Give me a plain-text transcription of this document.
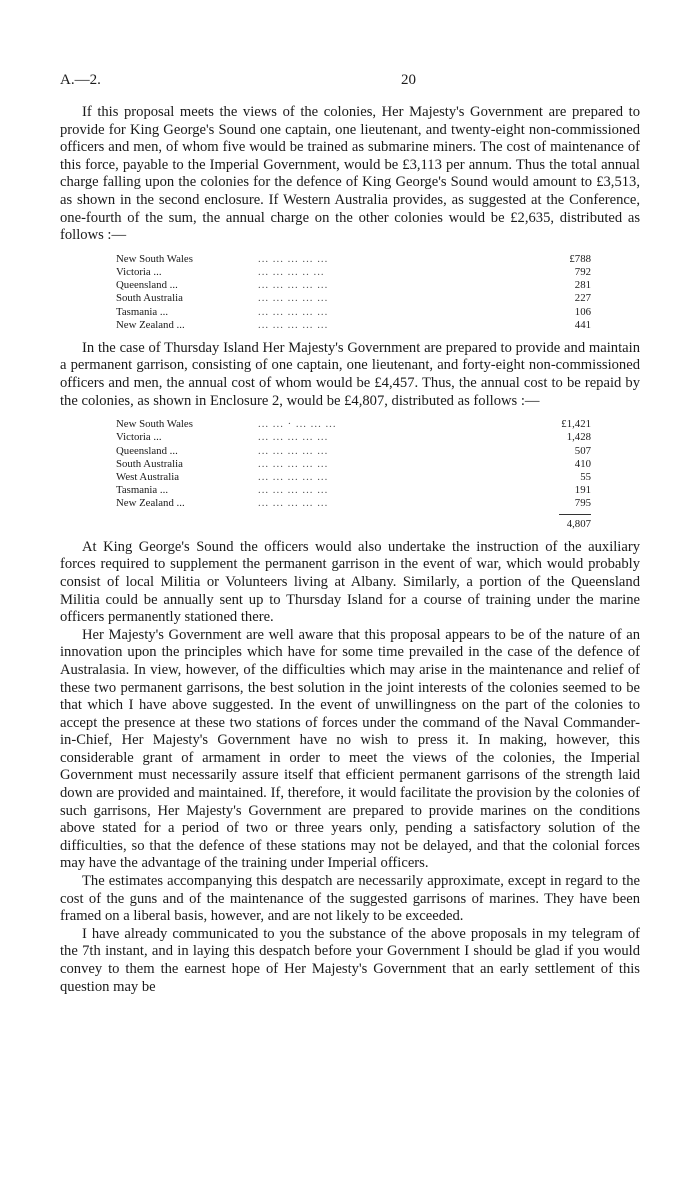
A.—2.	20

If this proposal meets the views of the colonies, Her Majesty's Government are prepared to provide for King George's Sound one captain, one lieutenant, and twenty-eight non-commissioned officers and men, of whom five would be trained as submarine miners. The cost of maintenance of this force, payable to the Imperial Government, would be £3,113 per annum. Thus the total annual charge falling upon the colonies for the defence of King George's Sound would amount to £3,513, as shown in the second enclosure. If Western Australia provides, as suggested at the Conference, one-fourth of the sum, the annual charge on the other colonies would be £2,635, distributed as follows :—

New South Wales	... ... ... ... ...	£788
Victoria ...	... ... ... .. ...	792
Queensland ...	... ... ... ... ...	281
South Australia	... ... ... ... ...	227
Tasmania ...	... ... ... ... ...	106
New Zealand ...	... ... ... ... ...	441

In the case of Thursday Island Her Majesty's Government are prepared to provide and maintain a permanent garrison, consisting of one captain, one lieutenant, and forty-eight non-commissioned officers and men, the annual cost of whom would be £4,457. Thus, the annual cost to be repaid by the colonies, as shown in Enclosure 2, would be £4,807, distributed as follows :—

New South Wales	... ... · ... ... ...	£1,421
Victoria ...	... ... ... ... ...	1,428
Queensland ...	... ... ... ... ...	507
South Australia	... ... ... ... ...	410
West Australia	... ... ... ... ...	55
Tasmania ...	... ... ... ... ...	191
New Zealand ...	... ... ... ... ...	795
4,807

At King George's Sound the officers would also undertake the instruction of the auxiliary forces required to supplement the permanent garrison in the event of war, which would probably consist of local Militia or Volunteers living at Albany. Similarly, a portion of the Queensland Militia could be annually sent up to Thursday Island for a course of training under the marine officers permanently stationed there.

Her Majesty's Government are well aware that this proposal appears to be of the nature of an innovation upon the principles which have for some time prevailed in the case of the defence of Australasia. In view, however, of the difficulties which may arise in the maintenance and relief of these two permanent garrisons, the best solution in the joint interests of the colonies seemed to be that which I have above suggested. In the event of unwillingness on the part of the colonies to accept the presence at these two stations of forces under the command of the Naval Commander-in-Chief, Her Majesty's Government have no wish to press it. In making, however, this considerable grant of armament in order to meet the views of the colonies, the Imperial Government must necessarily assure itself that efficient permanent garrisons of the strength laid down are provided and maintained. If, therefore, it would facilitate the provision by the colonies of such garrisons, Her Majesty's Government are prepared to provide marines on the conditions above stated for a period of two or three years only, pending a satisfactory solution of the difficulties, so that the defence of these stations may not be delayed, and that the colonial forces may have the advantage of the training under Imperial officers.

The estimates accompanying this despatch are necessarily approximate, except in regard to the cost of the guns and of the maintenance of the suggested garrisons of marines. They have been framed on a liberal basis, however, and are not likely to be exceeded.

I have already communicated to you the substance of the above proposals in my telegram of the 7th instant, and in laying this despatch before your Government I should be glad if you would convey to them the earnest hope of Her Majesty's Government that an early settlement of this question may be
